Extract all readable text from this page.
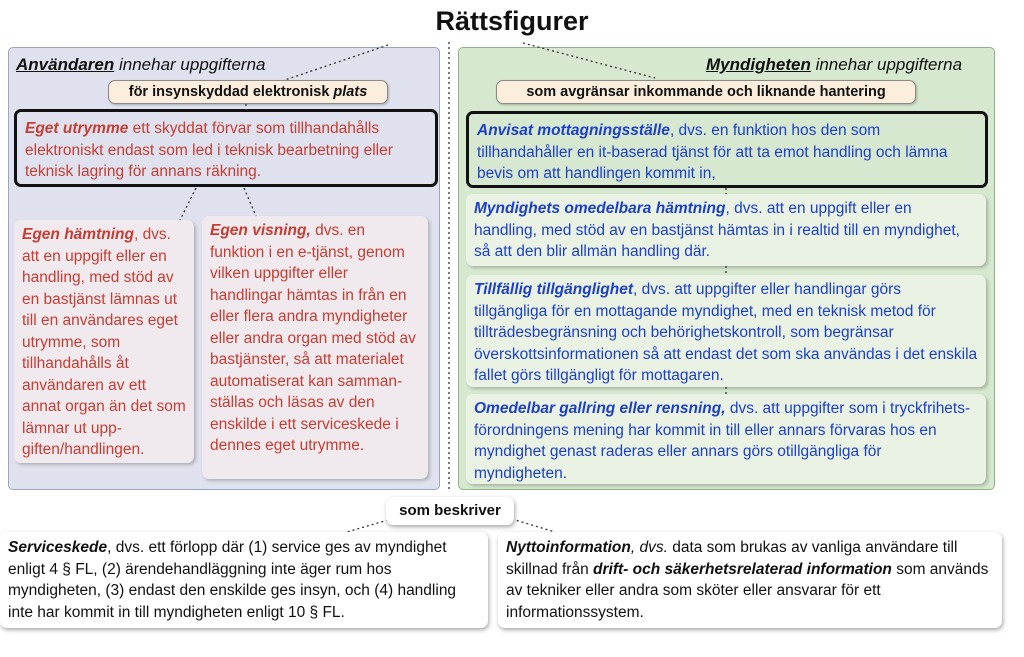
Rättsfigurer
Användaren innehar uppgifterna
för insynskyddad elektronisk plats
Eget utrymme ett skyddat förvar som tillhandahålls elektroniskt endast som led i teknisk bearbetning eller teknisk lagring för annans räkning.
Egen hämtning, dvs. att en uppgift eller en handling, med stöd av en bastjänst lämnas ut till en användares eget utrymme, som tillhandahålls åt användaren av ett annat organ än det som lämnar ut uppgiften/handlingen.
Egen visning, dvs. en funktion i en e-tjänst, genom vilken uppgifter eller handlingar hämtas in från en eller flera andra myndigheter eller andra organ med stöd av bastjänster, så att materialet automatiserat kan sammanställas och läsas av den enskilde i ett serviceskede i dennes eget utrymme.
Myndigheten innehar uppgifterna
som avgränsar inkommande och liknande hantering
Anvisat mottagningsställe, dvs. en funktion hos den som tillhandahåller en it-baserad tjänst för att ta emot handling och lämna bevis om att handlingen kommit in,
Myndighets omedelbara hämtning, dvs. att en uppgift eller en handling, med stöd av en bastjänst hämtas in i realtid till en myndighet, så att den blir allmän handling där.
Tillfällig tillgänglighet, dvs. att uppgifter eller handlingar görs tillgängliga för en mottagande myndighet, med en teknisk metod för tillträdesbegränsning och behörighetskontroll, som begränsar överskottsinformationen så att endast det som ska användas i det enskila fallet görs tillgängligt för mottagaren.
Omedelbar gallring eller rensning, dvs. att uppgifter som i tryckfrihets-förordningens mening har kommit in till eller annars förvaras hos en myndighet genast raderas eller annars görs otillgängliga för myndigheten.
som beskriver
Serviceskede, dvs. ett förlopp där (1) service ges av myndighet enligt 4 § FL, (2) ärendehandläggning inte äger rum hos myndigheten, (3) endast den enskilde ges insyn, och (4) handling inte har kommit in till myndigheten enligt 10 § FL.
Nyttoinformation, dvs. data som brukas av vanliga användare till skillnad från drift- och säkerhetsrelaterad information som används av tekniker eller andra som sköter eller ansvarar för ett informationssystem.
